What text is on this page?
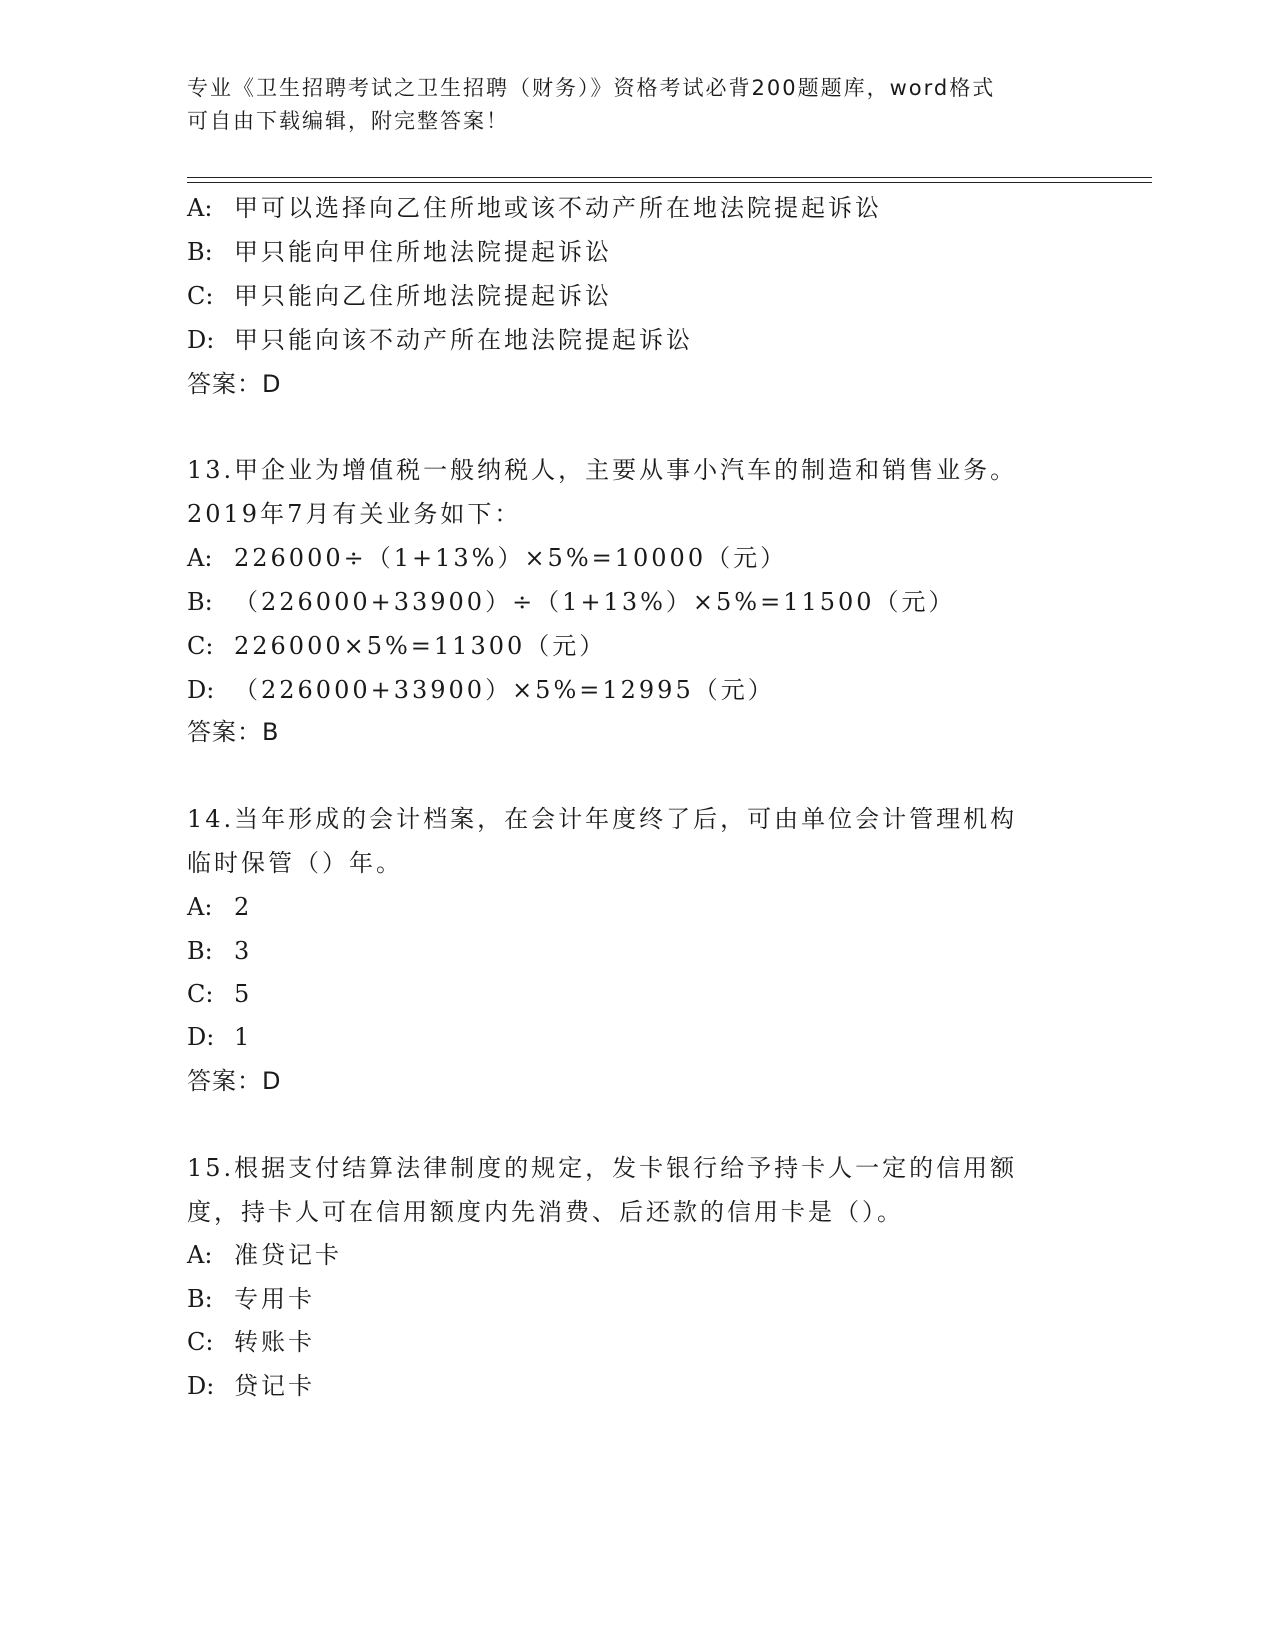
专业《卫生招聘考试之卫生招聘（财务）》资格考试必背200题题库，word格式
可自由下载编辑，附完整答案！
A: 甲可以选择向乙住所地或该不动产所在地法院提起诉讼
B: 甲只能向甲住所地法院提起诉讼
C: 甲只能向乙住所地法院提起诉讼
D: 甲只能向该不动产所在地法院提起诉讼
答案：D
13.甲企业为增值税一般纳税人，主要从事小汽车的制造和销售业务。
2019年7月有关业务如下：
A: 226000÷（1+13%）×5%=10000（元）
B: （226000+33900）÷（1+13%）×5%=11500（元）
C: 226000×5%=11300（元）
D: （226000+33900）×5%=12995（元）
答案：B
14.当年形成的会计档案，在会计年度终了后，可由单位会计管理机构
临时保管（）年。
A: 2
B: 3
C: 5
D: 1
答案：D
15.根据支付结算法律制度的规定，发卡银行给予持卡人一定的信用额
度，持卡人可在信用额度内先消费、后还款的信用卡是（）。
A: 准贷记卡
B: 专用卡
C: 转账卡
D: 贷记卡
